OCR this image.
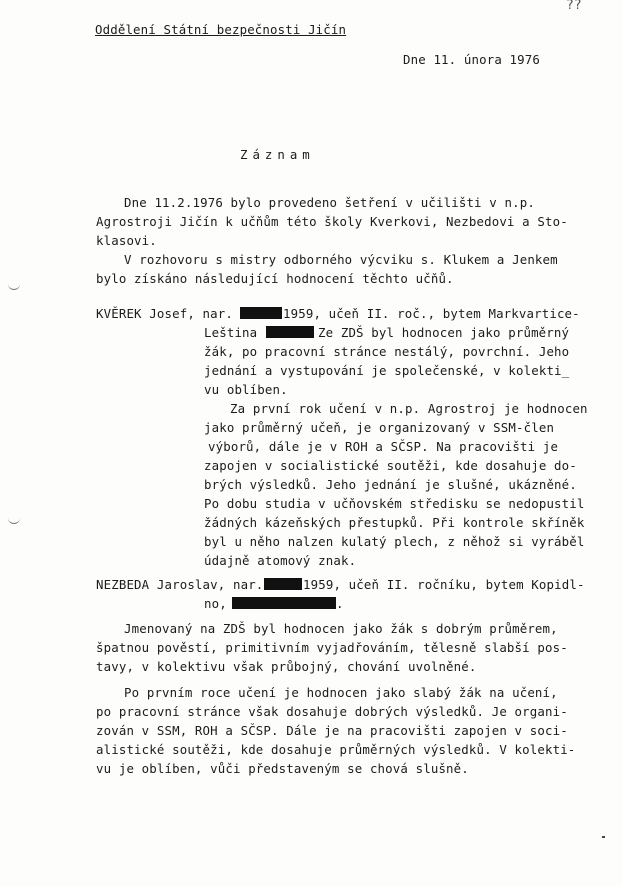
Oddělení Státní bezpečnosti Jičín
??
Dne 11. února 1976
Záznam
Dne 11.2.1976 bylo provedeno šetření v učilišti v n.p.
Agrostroji Jičín k učňům této školy Kverkovi, Nezbedovi a Sto-
klasovi.
V rozhovoru s mistry odborného výcviku s. Klukem a Jenkem
bylo získáno následující hodnocení těchto učňů.
KVĚREK Josef, nar.	1959, učeň II. roč., bytem Markvartice-
Leština	Ze ZDŠ byl hodnocen jako průměrný
žák, po pracovní stránce nestálý, povrchní. Jeho
jednání a vystupování je společenské, v kolekti_
vu oblíben.
Za první rok učení v n.p. Agrostroj je hodnocen
jako průměrný učeň, je organizovaný v SSM-člen
výborů, dále je v ROH a SČSP. Na pracovišti je
zapojen v socialistické soutěži, kde dosahuje do-
brých výsledků. Jeho jednání je slušné, ukázněné.
Po dobu studia v učňovském středisku se nedopustil
žádných kázeňských přestupků. Při kontrole skříněk
byl u něho nalzen kulatý plech, z něhož si vyráběl
údajně atomový znak.
NEZBEDA Jaroslav, nar.	1959, učeň II. ročníku, bytem Kopidl-
no,	.
Jmenovaný na ZDŠ byl hodnocen jako žák s dobrým průměrem,
špatnou pověstí, primitivním vyjadřováním, tělesně slabší pos-
tavy, v kolektivu však průbojný, chování uvolněné.
Po prvním roce učení je hodnocen jako slabý žák na učení,
po pracovní stránce však dosahuje dobrých výsledků. Je organi-
zován v SSM, ROH a SČSP. Dále je na pracovišti zapojen v soci-
alistické soutěži, kde dosahuje průměrných výsledků. V kolekti-
vu je oblíben, vůči představeným se chová slušně.
